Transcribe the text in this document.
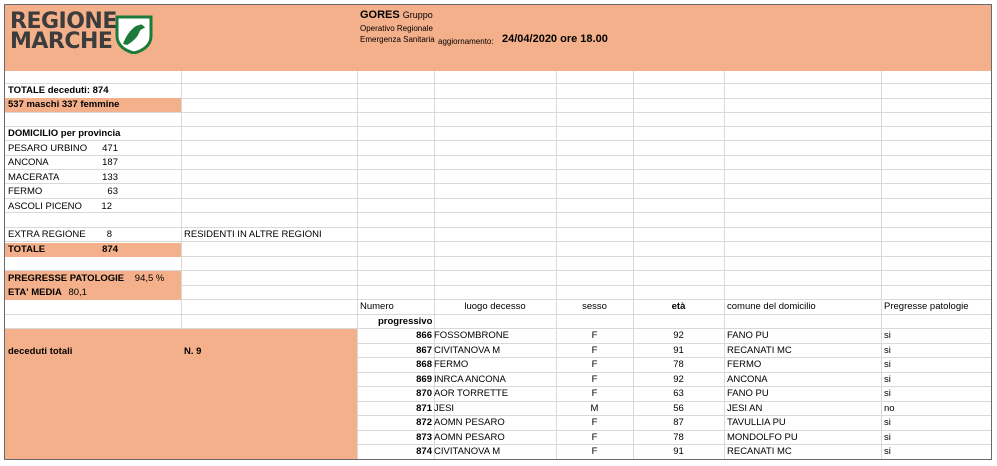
REGIONE
MARCHE
GORES Gruppo
Operativo Regionale
Emergenza Sanitaria aggiornamento: 24/04/2020 ore 18.00
TOTALE deceduti: 874
537 maschi 337 femmine
DOMICILIO per provincia
PESARO URBINO	471
ANCONA	187
MACERATA	133
FERMO	63
ASCOLI PICENO	12
EXTRA REGIONE	8	RESIDENTI IN ALTRE REGIONI
TOTALE	874
PREGRESSE PATOLOGIE 94,5 %
ETA' MEDIA 80,1
deceduti totali	N. 9
Numero
progressivo
luogo decesso	sesso	età	comune del domicilio	Pregresse patologie
866 FOSSOMBRONE	F	92	FANO PU	si
867 CIVITANOVA M	F	91	RECANATI MC	si
868 FERMO	F	78	FERMO	si
869 INRCA ANCONA	F	92	ANCONA	si
870 AOR TORRETTE	F	63	FANO PU	si
871 JESI	M	56	JESI AN	no
872 AOMN PESARO	F	87	TAVULLIA PU	si
873 AOMN PESARO	F	78	MONDOLFO PU	si
874 CIVITANOVA M	F	91	RECANATI MC	si
